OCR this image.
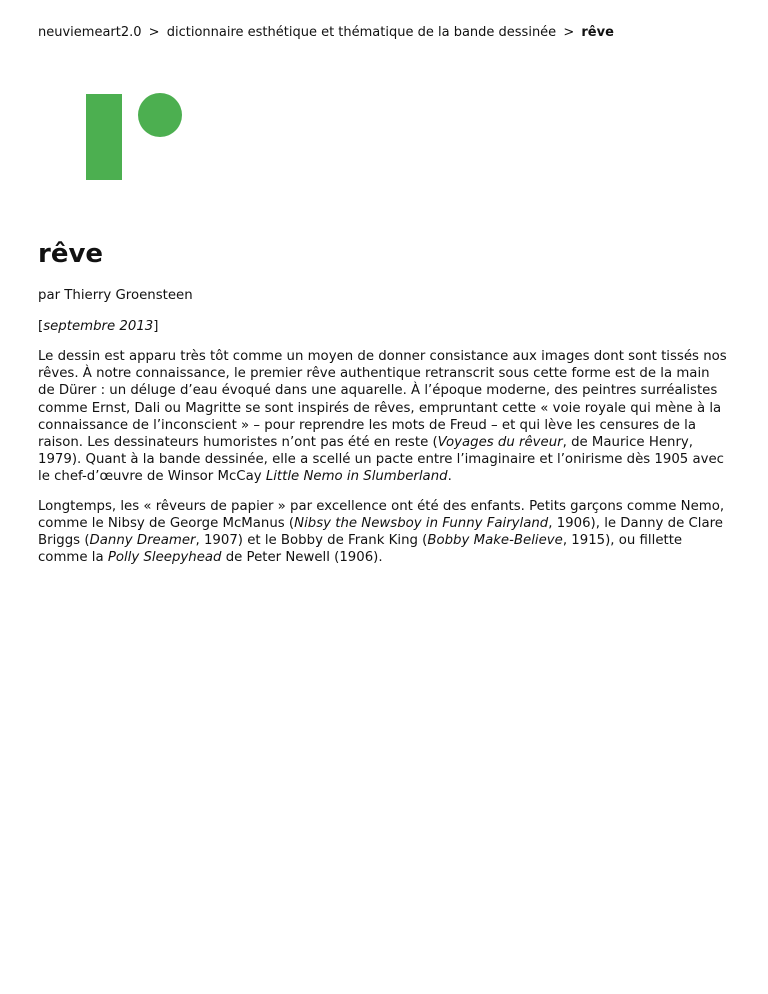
neuviemeart2.0 > dictionnaire esthétique et thématique de la bande dessinée > rêve
rêve

par Thierry Groensteen

[septembre 2013]

Le dessin est apparu très tôt comme un moyen de donner consistance aux images dont sont tissés nos rêves. À notre connaissance, le premier rêve authentique retranscrit sous cette forme est de la main de Dürer : un déluge d’eau évoqué dans une aquarelle. À l’époque moderne, des peintres surréalistes comme Ernst, Dali ou Magritte se sont inspirés de rêves, empruntant cette « voie royale qui mène à la connaissance de l’inconscient » – pour reprendre les mots de Freud – et qui lève les censures de la raison. Les dessinateurs humoristes n’ont pas été en reste (Voyages du rêveur, de Maurice Henry, 1979). Quant à la bande dessinée, elle a scellé un pacte entre l’imaginaire et l’onirisme dès 1905 avec le chef-d’œuvre de Winsor McCay Little Nemo in Slumberland.

Longtemps, les « rêveurs de papier » par excellence ont été des enfants. Petits garçons comme Nemo, comme le Nibsy de George McManus (Nibsy the Newsboy in Funny Fairyland, 1906), le Danny de Clare Briggs (Danny Dreamer, 1907) et le Bobby de Frank King (Bobby Make-Believe, 1915), ou fillette comme la Polly Sleepyhead de Peter Newell (1906).
